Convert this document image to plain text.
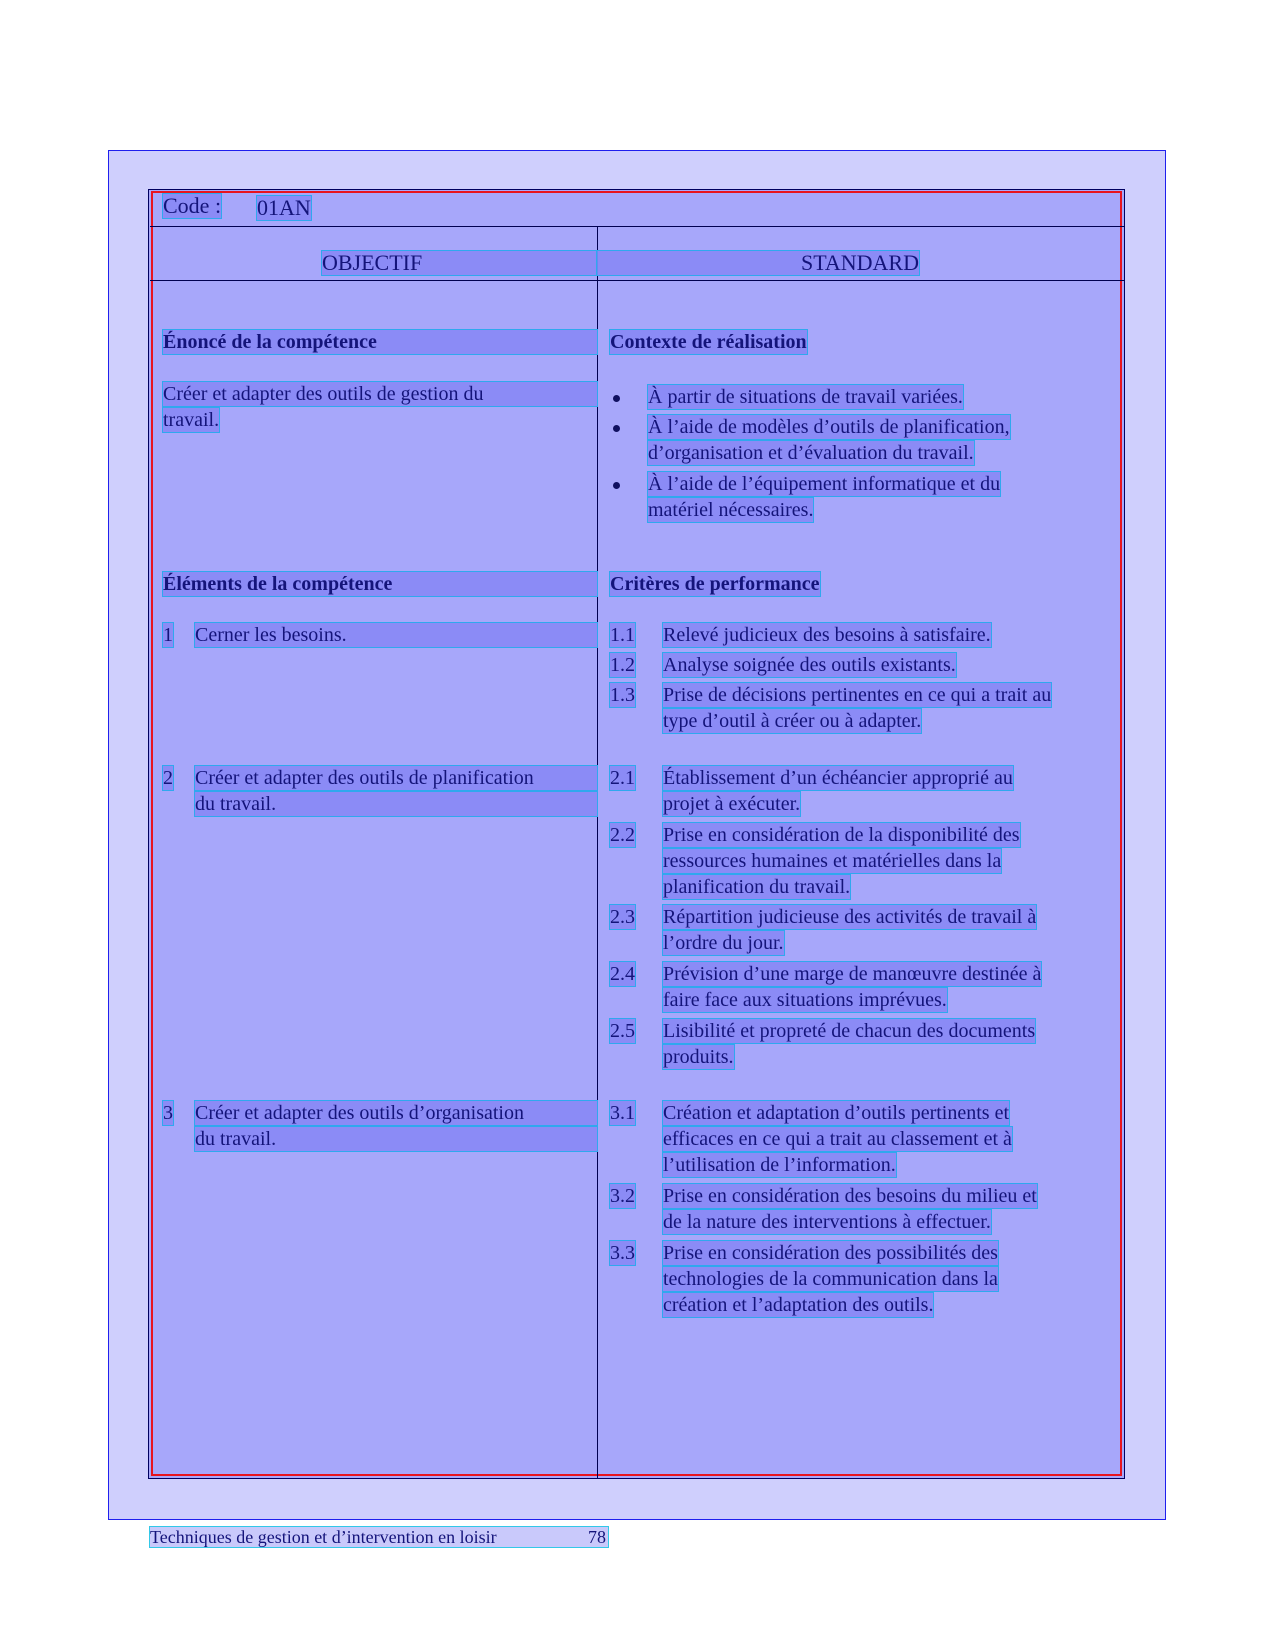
Code : 01AN
OBJECTIF	STANDARD
Énoncé de la compétence
Créer et adapter des outils de gestion du
travail.
Éléments de la compétence
1 Cerner les besoins.
2 Créer et adapter des outils de planification
du travail.
3 Créer et adapter des outils d’organisation
du travail.
Contexte de réalisation
À partir de situations de travail variées.
À l’aide de modèles d’outils de planification,
d’organisation et d’évaluation du travail.
À l’aide de l’équipement informatique et du
matériel nécessaires.
Critères de performance
1.1 Relevé judicieux des besoins à satisfaire.
1.2 Analyse soignée des outils existants.
1.3 Prise de décisions pertinentes en ce qui a trait au
type d’outil à créer ou à adapter.
2.1 Établissement d’un échéancier approprié au
projet à exécuter.
2.2 Prise en considération de la disponibilité des
ressources humaines et matérielles dans la
planification du travail.
2.3 Répartition judicieuse des activités de travail à
l’ordre du jour.
2.4 Prévision d’une marge de manœuvre destinée à
faire face aux situations imprévues.
2.5 Lisibilité et propreté de chacun des documents
produits.
3.1 Création et adaptation d’outils pertinents et
efficaces en ce qui a trait au classement et à
l’utilisation de l’information.
3.2 Prise en considération des besoins du milieu et
de la nature des interventions à effectuer.
3.3 Prise en considération des possibilités des
technologies de la communication dans la
création et l’adaptation des outils.
Techniques de gestion et d’intervention en loisir	78
